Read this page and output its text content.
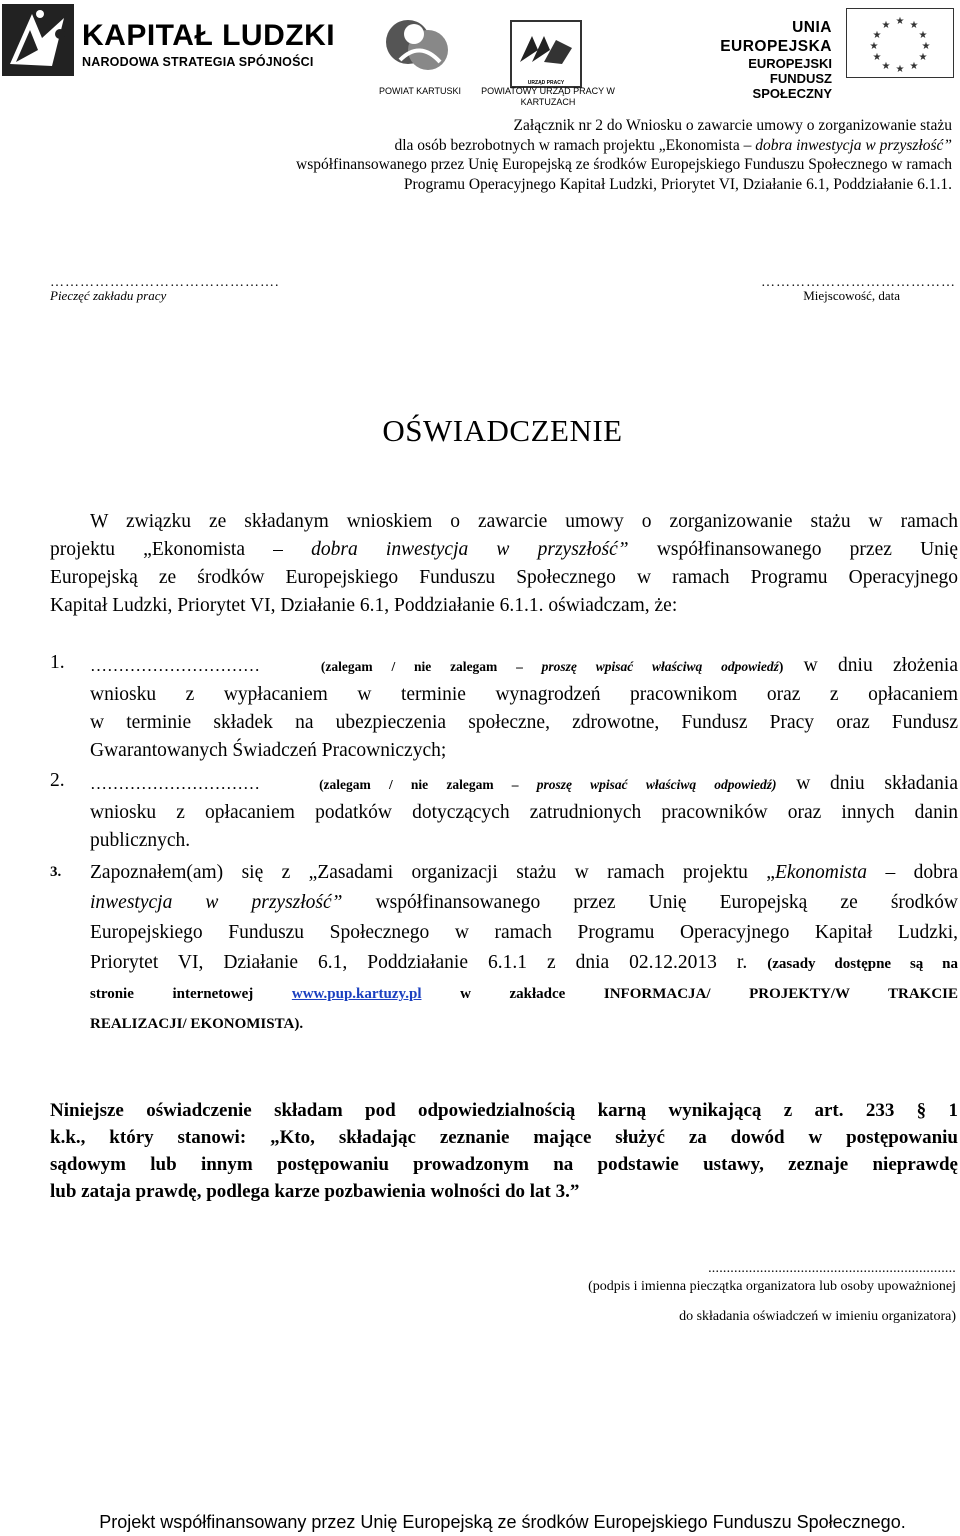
KAPITAŁ LUDZKI
NARODOWA STRATEGIA SPÓJNOŚCI
POWIAT KARTUSKI
URZĄD PRACY
POWIATOWY URZĄD PRACY W
KARTUZACH
UNIA EUROPEJSKA
EUROPEJSKI
FUNDUSZ SPOŁECZNY
★ ★
★
★
★
★
★
★
★
★
★
★
Załącznik nr 2 do Wniosku o zawarcie umowy o zorganizowanie stażu
dla osób bezrobotnych w ramach projektu „Ekonomista – dobra inwestycja w przyszłość”
współfinansowanego przez Unię Europejską ze środków Europejskiego Funduszu Społecznego w ramach
Programu Operacyjnego Kapitał Ludzki, Priorytet VI, Działanie 6.1, Poddziałanie 6.1.1.
……………………………………….
Pieczęć zakładu pracy
…………………………………
Miejscowość, data
OŚWIADCZENIE
W związku ze składanym wnioskiem o zawarcie umowy o zorganizowanie stażu w ramach
projektu „Ekonomista – dobra inwestycja w przyszłość” współfinansowanego przez Unię
Europejską ze środków Europejskiego Funduszu Społecznego w ramach Programu Operacyjnego
Kapitał Ludzki, Priorytet VI, Działanie 6.1, Poddziałanie 6.1.1. oświadczam, że:
1. …………………………	(zalegam / nie zalegam – proszę wpisać właściwą odpowiedź) w dniu złożenia
wniosku z wypłacaniem w terminie wynagrodzeń pracownikom oraz z opłacaniem
w terminie składek na ubezpieczenia społeczne, zdrowotne, Fundusz Pracy oraz Fundusz
Gwarantowanych Świadczeń Pracowniczych;
2. …………………………	(zalegam / nie zalegam – proszę wpisać właściwą odpowiedź) w dniu składania
wniosku z opłacaniem podatków dotyczących zatrudnionych pracowników oraz innych danin
publicznych.
3. Zapoznałem(am) się z „Zasadami organizacji stażu w ramach projektu „Ekonomista – dobra
inwestycja w przyszłość” współfinansowanego przez Unię Europejską ze środków
Europejskiego Funduszu Społecznego w ramach Programu Operacyjnego Kapitał Ludzki,
Priorytet VI, Działanie 6.1, Poddziałanie 6.1.1 z dnia 02.12.2013 r. (zasady dostępne są na
stronie internetowej www.pup.kartuzy.pl w zakładce INFORMACJA/ PROJEKTY/W TRAKCIE
REALIZACJI/ EKONOMISTA).
Niniejsze oświadczenie składam pod odpowiedzialnością karną wynikającą z art. 233 § 1
k.k., który stanowi: „Kto, składając zeznanie mające służyć za dowód w postępowaniu
sądowym lub innym postępowaniu prowadzonym na podstawie ustawy, zeznaje nieprawdę
lub zataja prawdę, podlega karze pozbawienia wolności do lat 3.”
...................................................................
(podpis i imienna pieczątka organizatora lub osoby upoważnionej
do składania oświadczeń w imieniu organizatora)
Projekt współfinansowany przez Unię Europejską ze środków Europejskiego Funduszu Społecznego.
